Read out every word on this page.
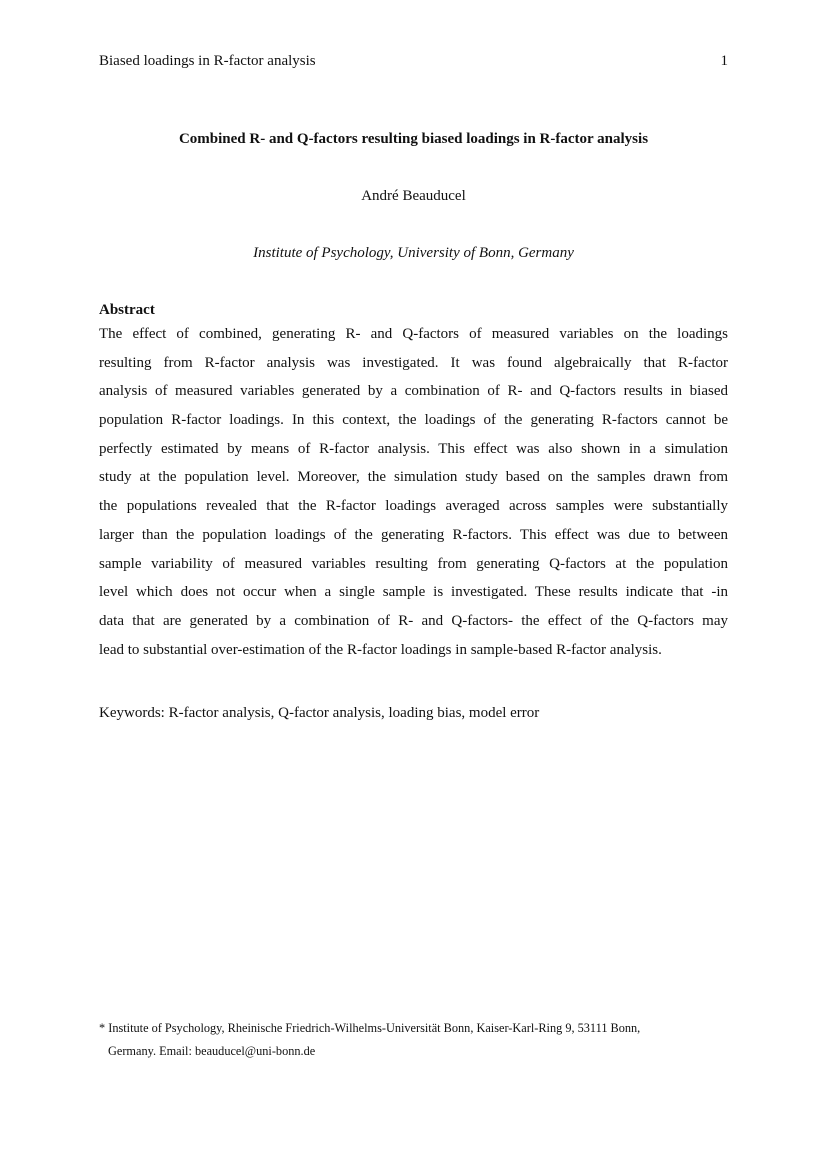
Biased loadings in R-factor analysis	1
Combined R- and Q-factors resulting biased loadings in R-factor analysis
André Beauducel
Institute of Psychology, University of Bonn, Germany
Abstract

The effect of combined, generating R- and Q-factors of measured variables on the loadings
resulting from R-factor analysis was investigated. It was found algebraically that R-factor
analysis of measured variables generated by a combination of R- and Q-factors results in biased
population R-factor loadings. In this context, the loadings of the generating R-factors cannot be
perfectly estimated by means of R-factor analysis. This effect was also shown in a simulation
study at the population level. Moreover, the simulation study based on the samples drawn from
the populations revealed that the R-factor loadings averaged across samples were substantially
larger than the population loadings of the generating R-factors. This effect was due to between
sample variability of measured variables resulting from generating Q-factors at the population
level which does not occur when a single sample is investigated. These results indicate that -in
data that are generated by a combination of R- and Q-factors- the effect of the Q-factors may
lead to substantial over-estimation of the R-factor loadings in sample-based R-factor analysis.

Keywords: R-factor analysis, Q-factor analysis, loading bias, model error
* Institute of Psychology, Rheinische Friedrich-Wilhelms-Universität Bonn, Kaiser-Karl-Ring 9, 53111 Bonn,
Germany. Email: beauducel@uni-bonn.de
